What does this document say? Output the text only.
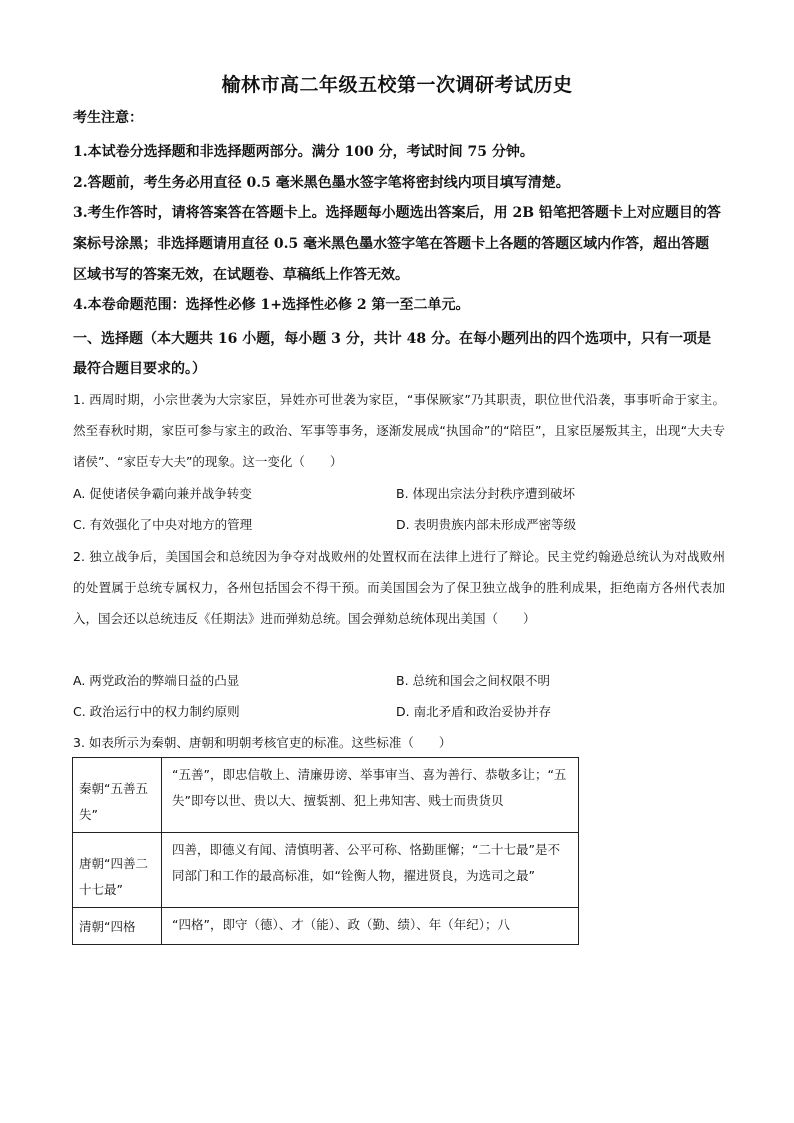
榆林市高二年级五校第一次调研考试历史
考生注意：
1.本试卷分选择题和非选择题两部分。满分 100 分，考试时间 75 分钟。
2.答题前，考生务必用直径 0.5 毫米黑色墨水签字笔将密封线内项目填写清楚。
3.考生作答时，请将答案答在答题卡上。选择题每小题选出答案后，用 2B 铅笔把答题卡上对应题目的答案标号涂黑；非选择题请用直径 0.5 毫米黑色墨水签字笔在答题卡上各题的答题区域内作答，超出答题区域书写的答案无效，在试题卷、草稿纸上作答无效。
4.本卷命题范围：选择性必修 1+选择性必修 2 第一至二单元。
一、选择题（本大题共 16 小题，每小题 3 分，共计 48 分。在每小题列出的四个选项中，只有一项是最符合题目要求的。）
1. 西周时期，小宗世袭为大宗家臣，异姓亦可世袭为家臣，“事保厥家”乃其职责，职位世代沿袭，事事听命于家主。然至春秋时期，家臣可参与家主的政治、军事等事务，逐渐发展成“执国命”的“陪臣”，且家臣屡叛其主，出现“大夫专诸侯”、“家臣专大夫”的现象。这一变化（　　）
A. 促使诸侯争霸向兼并战争转变	B. 体现出宗法分封秩序遭到破坏
C. 有效强化了中央对地方的管理	D. 表明贵族内部未形成严密等级
2. 独立战争后，美国国会和总统因为争夺对战败州的处置权而在法律上进行了辩论。民主党约翰逊总统认为对战败州的处置属于总统专属权力，各州包括国会不得干预。而美国国会为了保卫独立战争的胜利成果，拒绝南方各州代表加入，国会还以总统违反《任期法》进而弹劾总统。国会弹劾总统体现出美国（　　）
A. 两党政治的弊端日益的凸显	B. 总统和国会之间权限不明
C. 政治运行中的权力制约原则	D. 南北矛盾和政治妥协并存
3. 如表所示为秦朝、唐朝和明朝考核官吏的标准。这些标准（　　）
秦朝“五善五失”	“五善”，即忠信敬上、清廉毋谤、举事审当、喜为善行、恭敬多让；“五失”即夸以世、贵以大、擅裚割、犯上弗知害、贱士而贵货贝
唐朝“四善二十七最”	四善，即德义有闻、清慎明著、公平可称、恪勤匪懈；“二十七最”是不同部门和工作的最高标准，如“铨衡人物，擢进贤良，为选司之最”
清朝“四格	“四格”，即守（德）、才（能）、政（勤、绩）、年（年纪）；八
